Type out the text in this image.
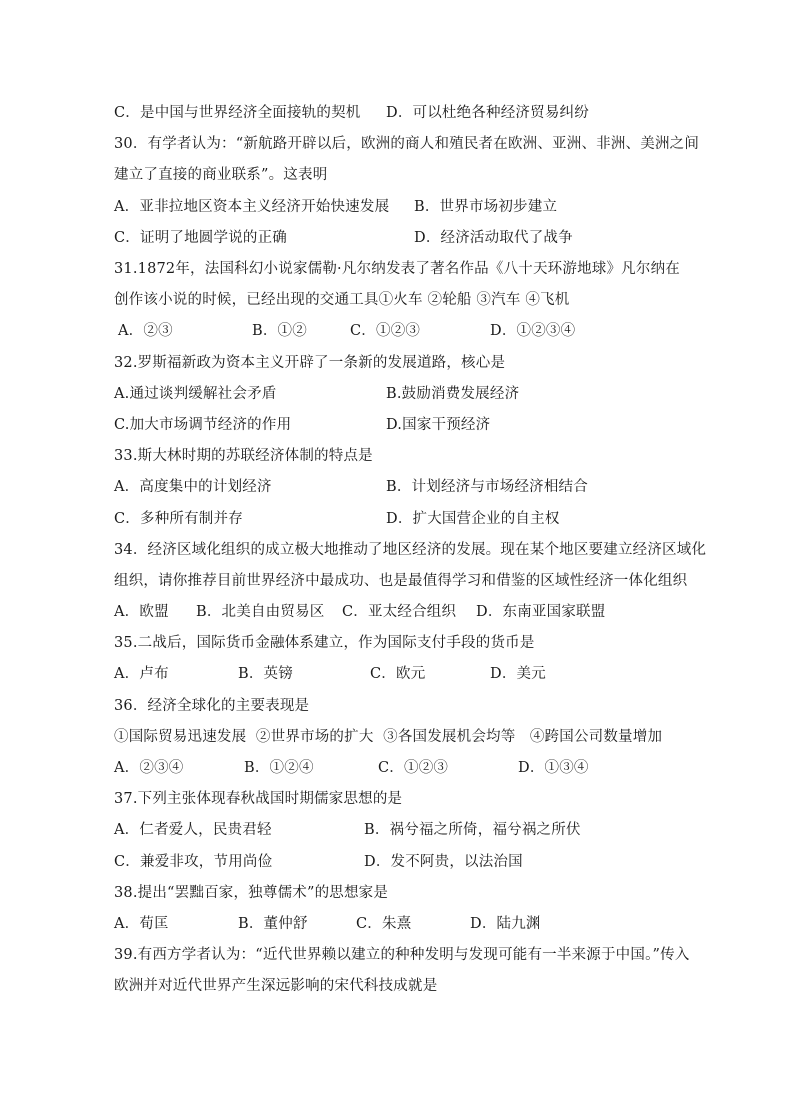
C．是中国与世界经济全面接轨的契机 D．可以杜绝各种经济贸易纠纷
30．有学者认为：“新航路开辟以后，欧洲的商人和殖民者在欧洲、亚洲、非洲、美洲之间
建立了直接的商业联系”。这表明
A．亚非拉地区资本主义经济开始快速发展 B．世界市场初步建立
C．证明了地圆学说的正确	D．经济活动取代了战争
31.1872年，法国科幻小说家儒勒·凡尔纳发表了著名作品《八十天环游地球》凡尔纳在
创作该小说的时候，已经出现的交通工具①火车 ②轮船 ③汽车 ④飞机
A．②③	B．①②	C．①②③	D．①②③④
32.罗斯福新政为资本主义开辟了一条新的发展道路，核心是
A.通过谈判缓解社会矛盾	B.鼓励消费发展经济
C.加大市场调节经济的作用	D.国家干预经济
33.斯大林时期的苏联经济体制的特点是
A．高度集中的计划经济	B．计划经济与市场经济相结合
C．多种所有制并存	D．扩大国营企业的自主权
34．经济区域化组织的成立极大地推动了地区经济的发展。现在某个地区要建立经济区域化
组织，请你推荐目前世界经济中最成功、也是最值得学习和借鉴的区域性经济一体化组织
A．欧盟 B．北美自由贸易区 C．亚太经合组织 D．东南亚国家联盟
35.二战后，国际货币金融体系建立，作为国际支付手段的货币是
A．卢布	B．英镑	C．欧元	D．美元
36．经济全球化的主要表现是
①国际贸易迅速发展  ②世界市场的扩大  ③各国发展机会均等   ④跨国公司数量增加
A．②③④	B．①②④	C．①②③	D．①③④
37.下列主张体现春秋战国时期儒家思想的是
A．仁者爱人，民贵君轻	B．祸兮福之所倚，福兮祸之所伏
C．兼爱非攻，节用尚俭	D．发不阿贵，以法治国
38.提出“罢黜百家，独尊儒术”的思想家是
A．荀匡	B．董仲舒	C．朱熹	D．陆九渊
39.有西方学者认为：“近代世界赖以建立的种种发明与发现可能有一半来源于中国。”传入
欧洲并对近代世界产生深远影响的宋代科技成就是
